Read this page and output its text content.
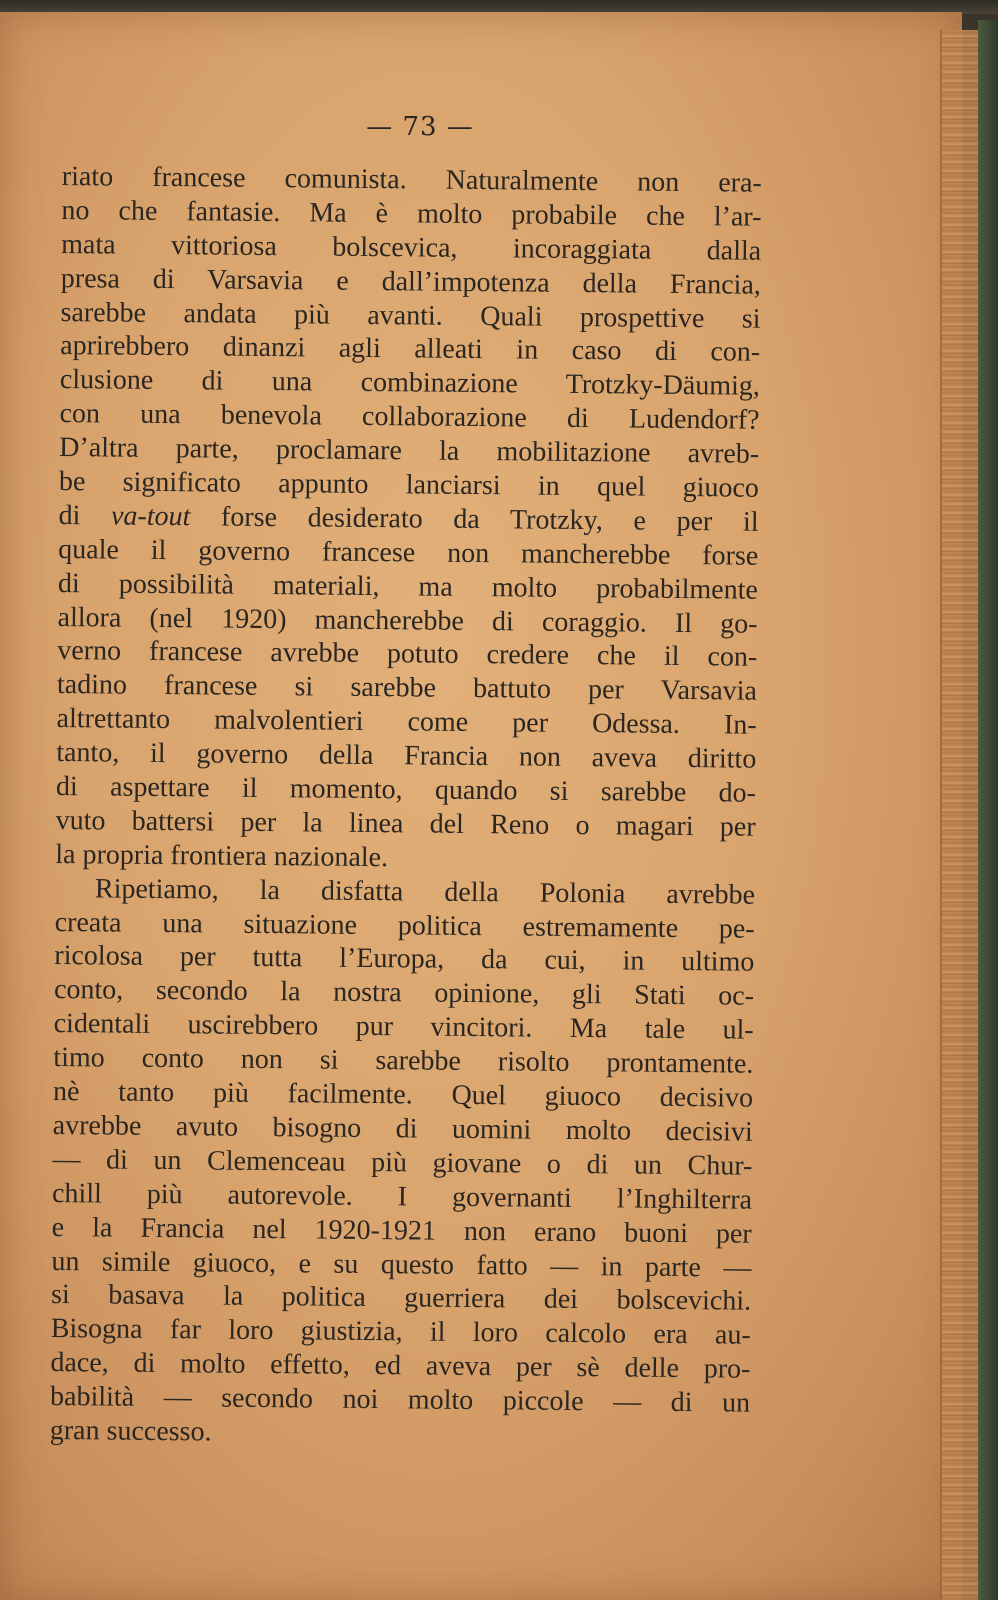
— 73 —
riato francese comunista. Naturalmente non era-
no che fantasie. Ma è molto probabile che l’ar-
mata vittoriosa bolscevica, incoraggiata dalla
presa di Varsavia e dall’impotenza della Francia,
sarebbe andata più avanti. Quali prospettive si
aprirebbero dinanzi agli alleati in caso di con-
clusione di una combinazione Trotzky-Däumig,
con una benevola collaborazione di Ludendorf?
D’altra parte, proclamare la mobilitazione avreb-
be significato appunto lanciarsi in quel giuoco
di va-tout forse desiderato da Trotzky, e per il
quale il governo francese non mancherebbe forse
di possibilità materiali, ma molto probabilmente
allora (nel 1920) mancherebbe di coraggio. Il go-
verno francese avrebbe potuto credere che il con-
tadino francese si sarebbe battuto per Varsavia
altrettanto malvolentieri come per Odessa. In-
tanto, il governo della Francia non aveva diritto
di aspettare il momento, quando si sarebbe do-
vuto battersi per la linea del Reno o magari per
la propria frontiera nazionale.
Ripetiamo, la disfatta della Polonia avrebbe
creata una situazione politica estremamente pe-
ricolosa per tutta l’Europa, da cui, in ultimo
conto, secondo la nostra opinione, gli Stati oc-
cidentali uscirebbero pur vincitori. Ma tale ul-
timo conto non si sarebbe risolto prontamente.
nè tanto più facilmente. Quel giuoco decisivo
avrebbe avuto bisogno di uomini molto decisivi
— di un Clemenceau più giovane o di un Chur-
chill più autorevole. I governanti l’Inghilterra
e la Francia nel 1920-1921 non erano buoni per
un simile giuoco, e su questo fatto — in parte —
si basava la politica guerriera dei bolscevichi.
Bisogna far loro giustizia, il loro calcolo era au-
dace, di molto effetto, ed aveva per sè delle pro-
babilità — secondo noi molto piccole — di un
gran successo.
